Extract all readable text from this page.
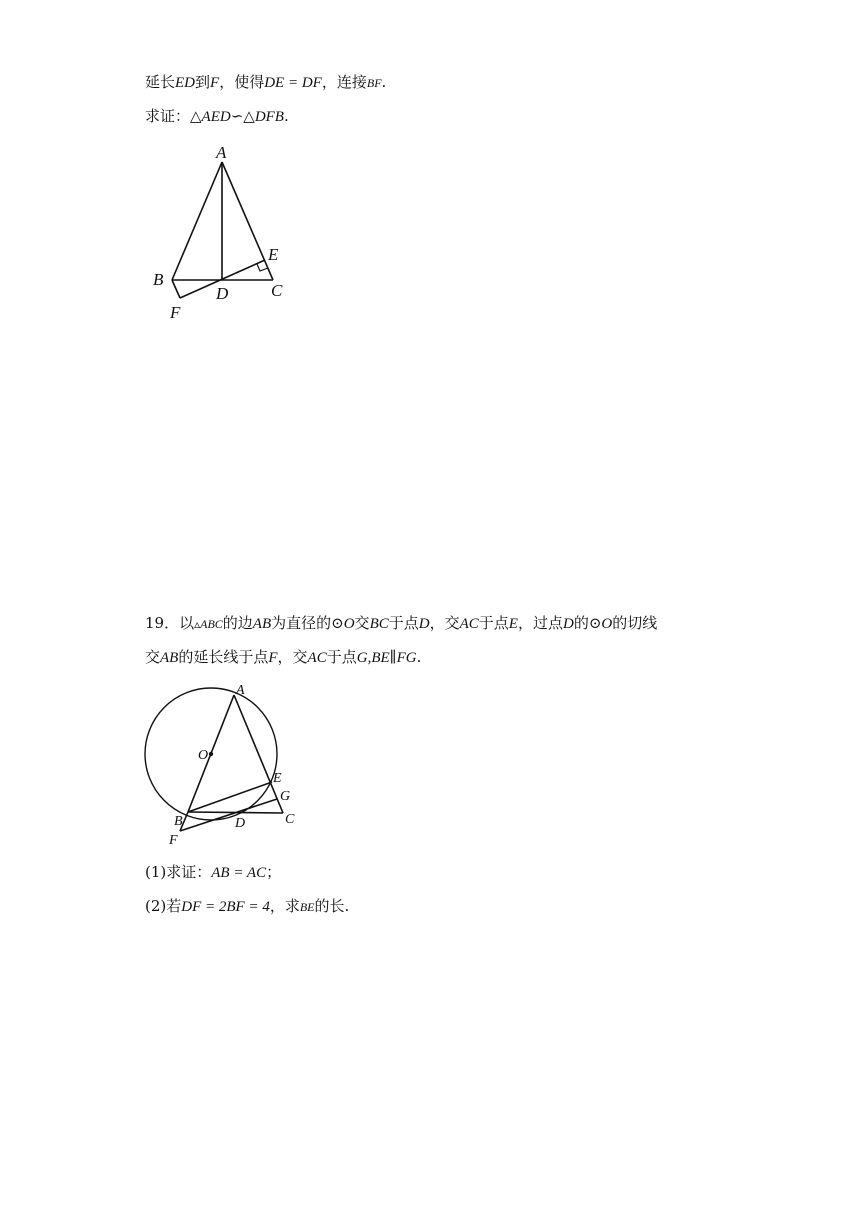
延长ED到F，使得DE = DF，连接BF.
求证：△AED∽△DFB.
A
B
C
D
E
F
19．以▵ABC的边AB为直径的⊙O交BC于点D，交AC于点E，过点D的⊙O的切线
交AB的延长线于点F，交AC于点G,BE∥FG.
A
O
E
G
B	D	C
F
(1)求证：AB = AC；
(2)若DF = 2BF = 4，求BE的长.
